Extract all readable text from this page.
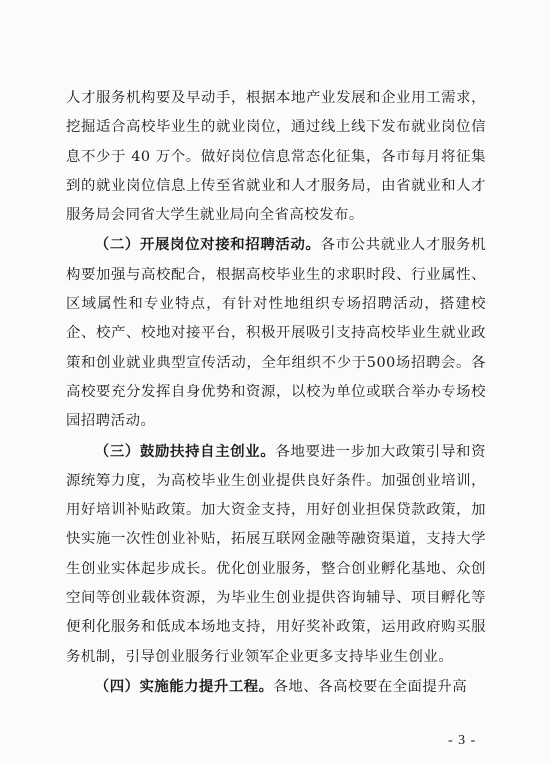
人才服务机构要及早动手，根据本地产业发展和企业用工需求，挖掘适合高校毕业生的就业岗位，通过线上线下发布就业岗位信息不少于 40 万个。做好岗位信息常态化征集，各市每月将征集到的就业岗位信息上传至省就业和人才服务局，由省就业和人才服务局会同省大学生就业局向全省高校发布。

（二）开展岗位对接和招聘活动。各市公共就业人才服务机构要加强与高校配合，根据高校毕业生的求职时段、行业属性、区域属性和专业特点，有针对性地组织专场招聘活动，搭建校企、校产、校地对接平台，积极开展吸引支持高校毕业生就业政策和创业就业典型宣传活动，全年组织不少于500场招聘会。各高校要充分发挥自身优势和资源，以校为单位或联合举办专场校园招聘活动。

（三）鼓励扶持自主创业。各地要进一步加大政策引导和资源统筹力度，为高校毕业生创业提供良好条件。加强创业培训，用好培训补贴政策。加大资金支持，用好创业担保贷款政策，加快实施一次性创业补贴，拓展互联网金融等融资渠道，支持大学生创业实体起步成长。优化创业服务，整合创业孵化基地、众创空间等创业载体资源，为毕业生创业提供咨询辅导、项目孵化等便利化服务和低成本场地支持，用好奖补政策，运用政府购买服务机制，引导创业服务行业领军企业更多支持毕业生创业。

（四）实施能力提升工程。各地、各高校要在全面提升高

- 3 -
